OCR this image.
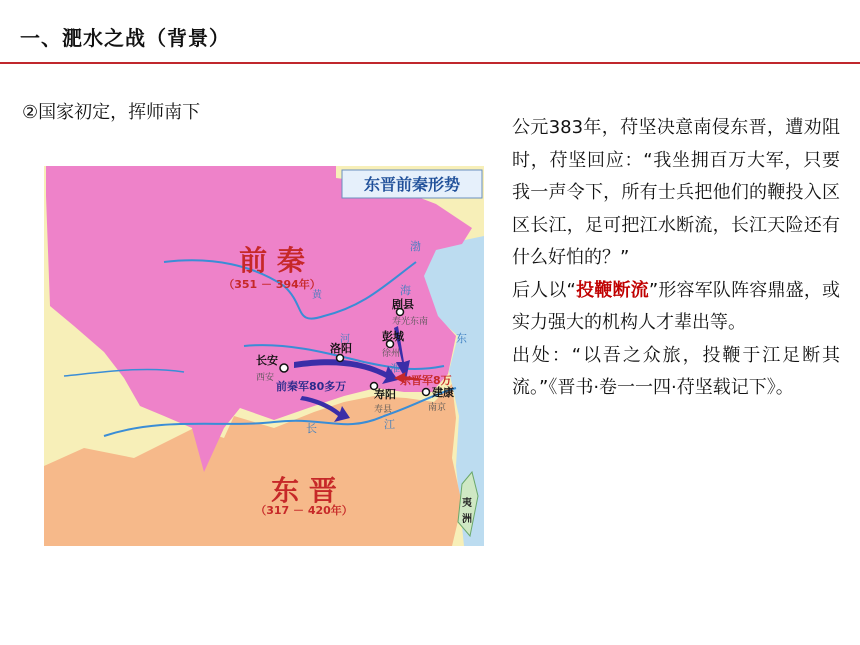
一、淝水之战（背景）
②国家初定，挥师南下
东晋前秦形势
前 秦
（351 － 394年）
东 晋
（317 － 420年）
渤
海
东
黄
河
淮
长	江
夷
洲
长安
西安
洛阳
彭城
徐州
剧县
寿光东南
寿阳
寿县
建康
南京
前秦军80多万	东晋军8万

公元383年，苻坚决意南侵东晋，遭劝阻时，苻坚回应：“我坐拥百万大军，只要我一声令下，所有士兵把他们的鞭投入区区长江，足可把江水断流，长江天险还有什么好怕的？”

后人以“投鞭断流”形容军队阵容鼎盛，或实力强大的机构人才辈出等。

出处：“以吾之众旅，投鞭于江足断其流。”《晋书·卷一一四·苻坚载记下》。
